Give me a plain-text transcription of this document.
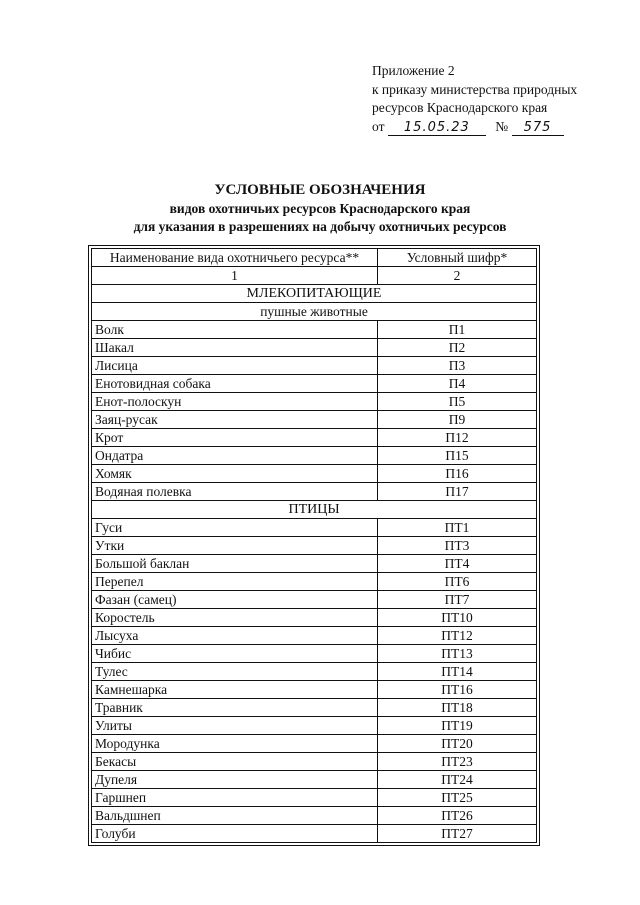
Приложение 2
к приказу министерства природных
ресурсов Краснодарского края
от 15.05.23 № 575
УСЛОВНЫЕ ОБОЗНАЧЕНИЯ
видов охотничьих ресурсов Краснодарского края
для указания в разрешениях на добычу охотничьих ресурсов
Наименование вида охотничьего ресурса**	Условный шифр*
1	2
МЛЕКОПИТАЮЩИЕ	
пушные животные	
Волк	П1
Шакал	П2
Лисица	П3
Енотовидная собака	П4
Енот-полоскун	П5
Заяц-русак	П9
Крот	П12
Ондатра	П15
Хомяк	П16
Водяная полевка	П17
ПТИЦЫ	
Гуси	ПТ1
Утки	ПТ3
Большой баклан	ПТ4
Перепел	ПТ6
Фазан (самец)	ПТ7
Коростель	ПТ10
Лысуха	ПТ12
Чибис	ПТ13
Тулес	ПТ14
Камнешарка	ПТ16
Травник	ПТ18
Улиты	ПТ19
Мородунка	ПТ20
Бекасы	ПТ23
Дупеля	ПТ24
Гаршнеп	ПТ25
Вальдшнеп	ПТ26
Голуби	ПТ27
